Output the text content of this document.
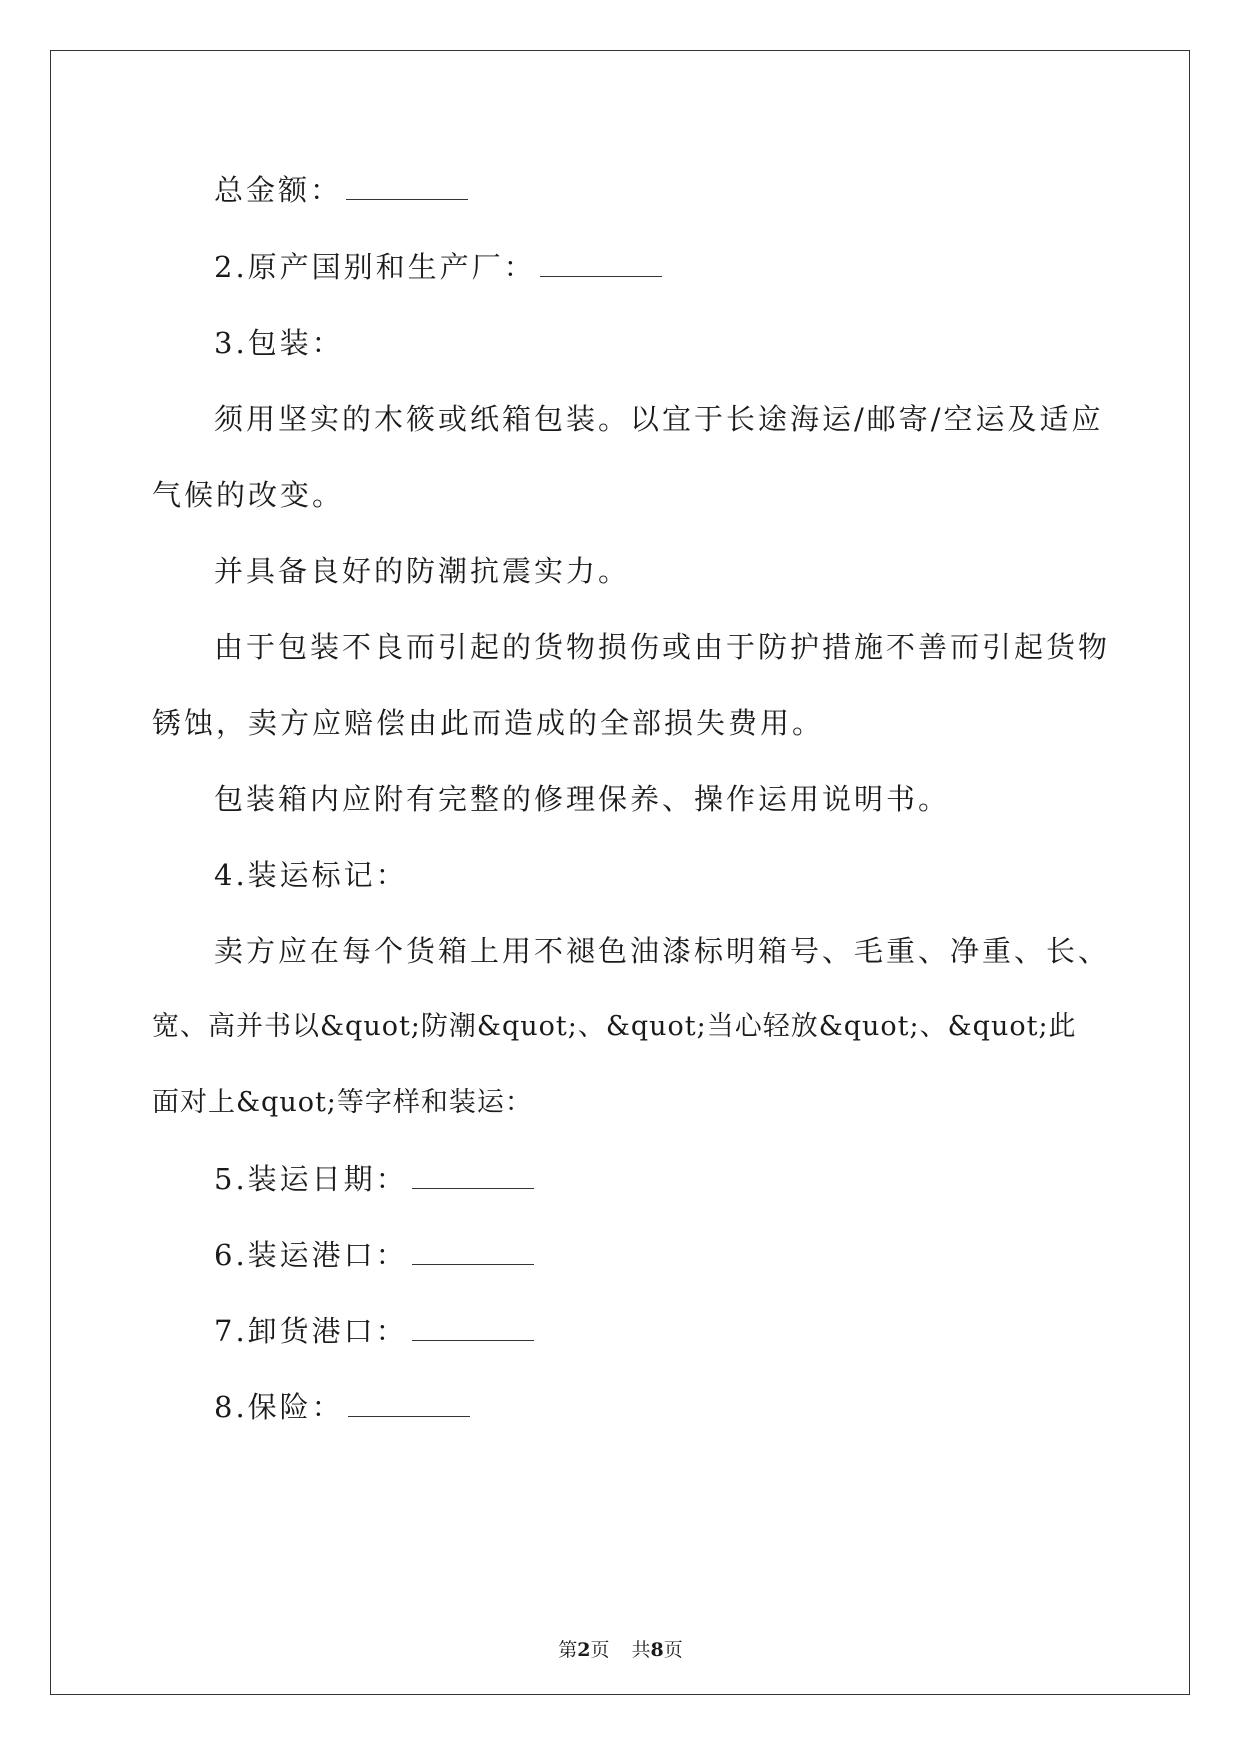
总金额：
2.原产国别和生产厂：
3.包装：
须用坚实的木筱或纸箱包装。以宜于长途海运/邮寄/空运及适应
气候的改变。
并具备良好的防潮抗震实力。
由于包装不良而引起的货物损伤或由于防护措施不善而引起货物
锈蚀，卖方应赔偿由此而造成的全部损失费用。
包装箱内应附有完整的修理保养、操作运用说明书。
4.装运标记：
卖方应在每个货箱上用不褪色油漆标明箱号、毛重、净重、长、
宽、高并书以&quot;防潮&quot;、&quot;当心轻放&quot;、&quot;此
面对上&quot;等字样和装运：
5.装运日期：
6.装运港口：
7.卸货港口：
8.保险：
第2页 共8页
